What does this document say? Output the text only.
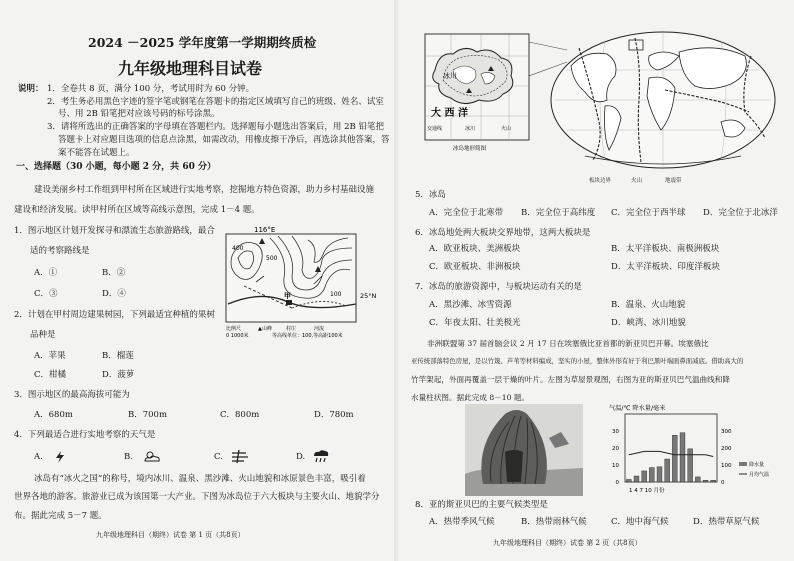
2024 －2025 学年度第一学期期终质检
九年级地理科目试卷
说明： 1．全卷共 8 页，满分 100 分，考试用时为 60 分钟。
2．考生务必用黑色字迹的签字笔或钢笔在答题卡的指定区域填写自己的班级、姓名、试室
号、用 2B 铅笔把对应该号码的标号涂黑。
3．请将所选出的正确答案的字母填在答题栏内。选择题每小题选出答案后，用 2B 铅笔把
答题卡上对应题目选项的信息点涂黑，如需改动，用橡皮擦干净后，再选涂其他答案，答
案不能答在试题上。
一、选择题（30 小题，每小题 2 分，共 60 分）
建设美丽乡村工作组到甲村所在区域进行实地考察，挖掘地方特色资源，助力乡村基础设施
建设和经济发展。读甲村所在区域等高线示意图，完成 1－4 题。
1．图示地区计划开发探寻和漂流生态旅游路线，最合
适的考察路线是
A．①	B．②
C．③	D．④
2．计划在甲村周边建果树园，下列最适宜种植的果树
品种是
A．苹果	B．榴莲
C．柑橘	D．菠萝
3．图示地区的最高海拔可能为
A．680m	B．700m	C．800m	D．780m
4．下列最适合进行实地考察的天气是
A.	B.	C.	D.
冰岛有“冰火之国”的称号，境内冰川、温泉、黑沙滩、火山地貌和冰原景色丰富，吸引着
世界各地的游客。旅游业已成为该国第一大产业。下图为冰岛位于六大板块与主要火山、地貌学分
布。据此完成 5－7 题。
九年级地理科目（期终）试卷 第 1 页（共8页）
116°E
25°N
400
500
100
甲
比例尺
0 1000米
▲山峰	村庄	河流
等高线单位：100,等高距100米
冰川
大 西 洋
交通线	冰川	火山
冰岛地形简图
板块边界	火山	地震带
5．冰岛
A．完全位于北寒带 B．完全位于高纬度 C．完全位于西半球 D．完全位于北冰洋
6．冰岛地处两大板块交界地带，这两大板块是
A．欧亚板块、美洲板块	B．太平洋板块、南极洲板块
C．欧亚板块、非洲板块	D．太平洋板块、印度洋板块
7．冰岛的旅游资源中，与板块运动有关的是
A．黑沙滩、冰雪资源	B．温泉、火山地貌
C．年夜太阳、壮美极光	D．峡湾、冰川地貌
非洲联盟第 37 届首脑会议 2 月 17 日在埃塞俄比亚首都的新亚贝巴开幕。埃塞俄比
亚传统部落特色房屋，是以竹篾、芦苇等材料编成，坚实的小屋，整体外形有好于利巴黑叶端面鼻面减底。借助高大的
竹竿架起，外面再覆盖一层干燥的叶片。左图为草屋景观图，右图为亚的斯亚贝巴气温曲线和降
水量柱状图。据此完成 8－10 题。
气温/℃ 降水量/毫米
30
20
10
0
300
200
100
0
1 4 7 10 月份
降水量
月均气温
8．亚的斯亚贝巴的主要气候类型是
A．热带季风气候	B．热带雨林气候	C．地中海气候	D．热带草原气候
九年级地理科目（期终）试卷 第 2 页（共8页）
